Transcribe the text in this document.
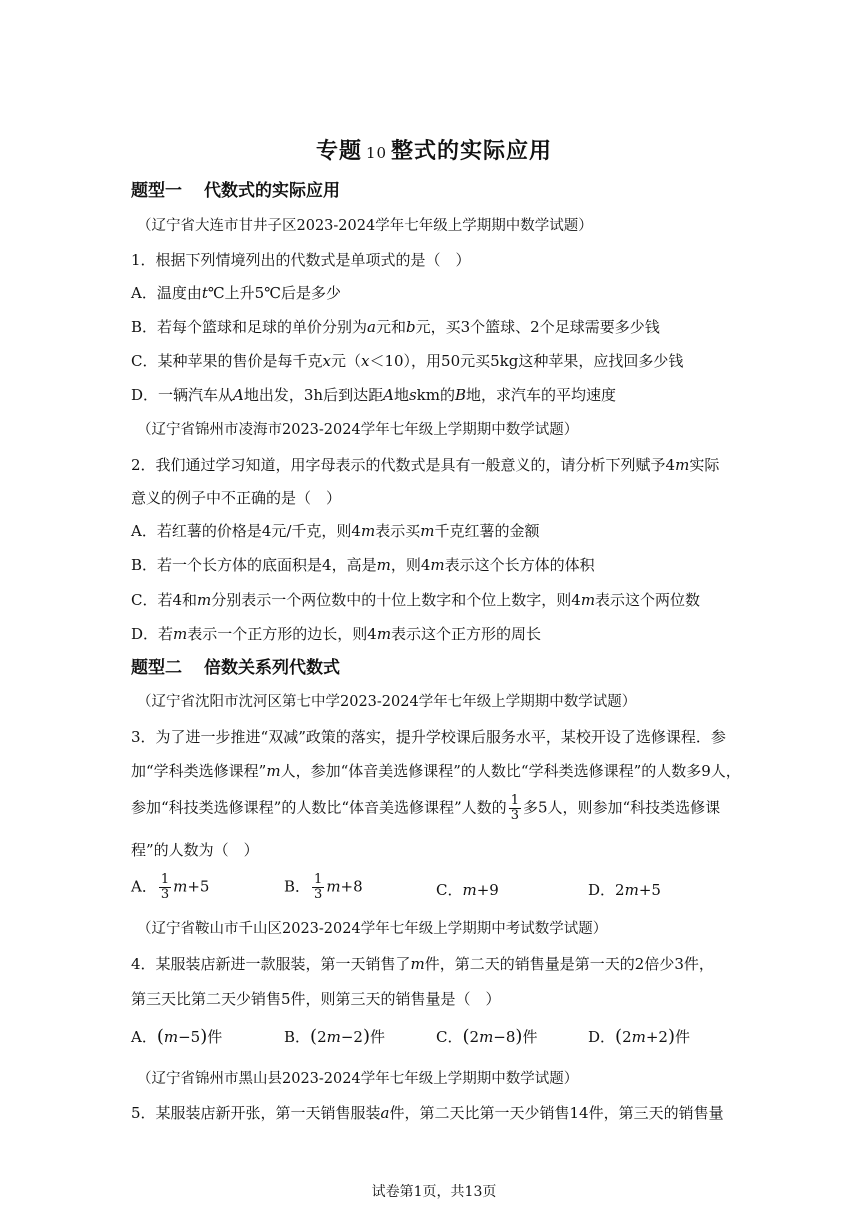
专题 10 整式的实际应用
题型一 代数式的实际应用
（辽宁省大连市甘井子区2023-2024学年七年级上学期期中数学试题）
1．根据下列情境列出的代数式是单项式的是（　）
A．温度由t℃上升5℃后是多少
B．若每个篮球和足球的单价分别为a元和b元，买3个篮球、2个足球需要多少钱
C．某种苹果的售价是每千克x元（x＜10），用50元买5kg这种苹果，应找回多少钱
D．一辆汽车从A地出发，3h后到达距A地skm的B地，求汽车的平均速度
（辽宁省锦州市凌海市2023-2024学年七年级上学期期中数学试题）
2．我们通过学习知道，用字母表示的代数式是具有一般意义的，请分析下列赋予4m实际
意义的例子中不正确的是（　）
A．若红薯的价格是4元/千克，则4m表示买m千克红薯的金额
B．若一个长方体的底面积是4，高是m，则4m表示这个长方体的体积
C．若4和m分别表示一个两位数中的十位上数字和个位上数字，则4m表示这个两位数
D．若m表示一个正方形的边长，则4m表示这个正方形的周长
题型二 倍数关系列代数式
（辽宁省沈阳市沈河区第七中学2023-2024学年七年级上学期期中数学试题）
3．为了进一步推进“双减”政策的落实，提升学校课后服务水平，某校开设了选修课程．参
加“学科类选修课程”m人，参加“体音美选修课程”的人数比“学科类选修课程”的人数多9人，
参加“科技类选修课程”的人数比“体音美选修课程”人数的 $\frac{1}{3}$ 多5人，则参加“科技类选修课
程”的人数为（　）
A． $\frac{1}{3} m+5$	B． $\frac{1}{3} m+8$	C．m+9	D．2m+5
（辽宁省鞍山市千山区2023-2024学年七年级上学期期中考试数学试题）
4．某服装店新进一款服装，第一天销售了m件，第二天的销售量是第一天的2倍少3件，
第三天比第二天少销售5件，则第三天的销售量是（　）
A．(m−5)件	B．(2m−2)件	C．(2m−8)件	D．(2m+2)件
（辽宁省锦州市黑山县2023-2024学年七年级上学期期中数学试题）
5．某服装店新开张，第一天销售服装a件，第二天比第一天少销售14件，第三天的销售量
试卷第1页，共13页
